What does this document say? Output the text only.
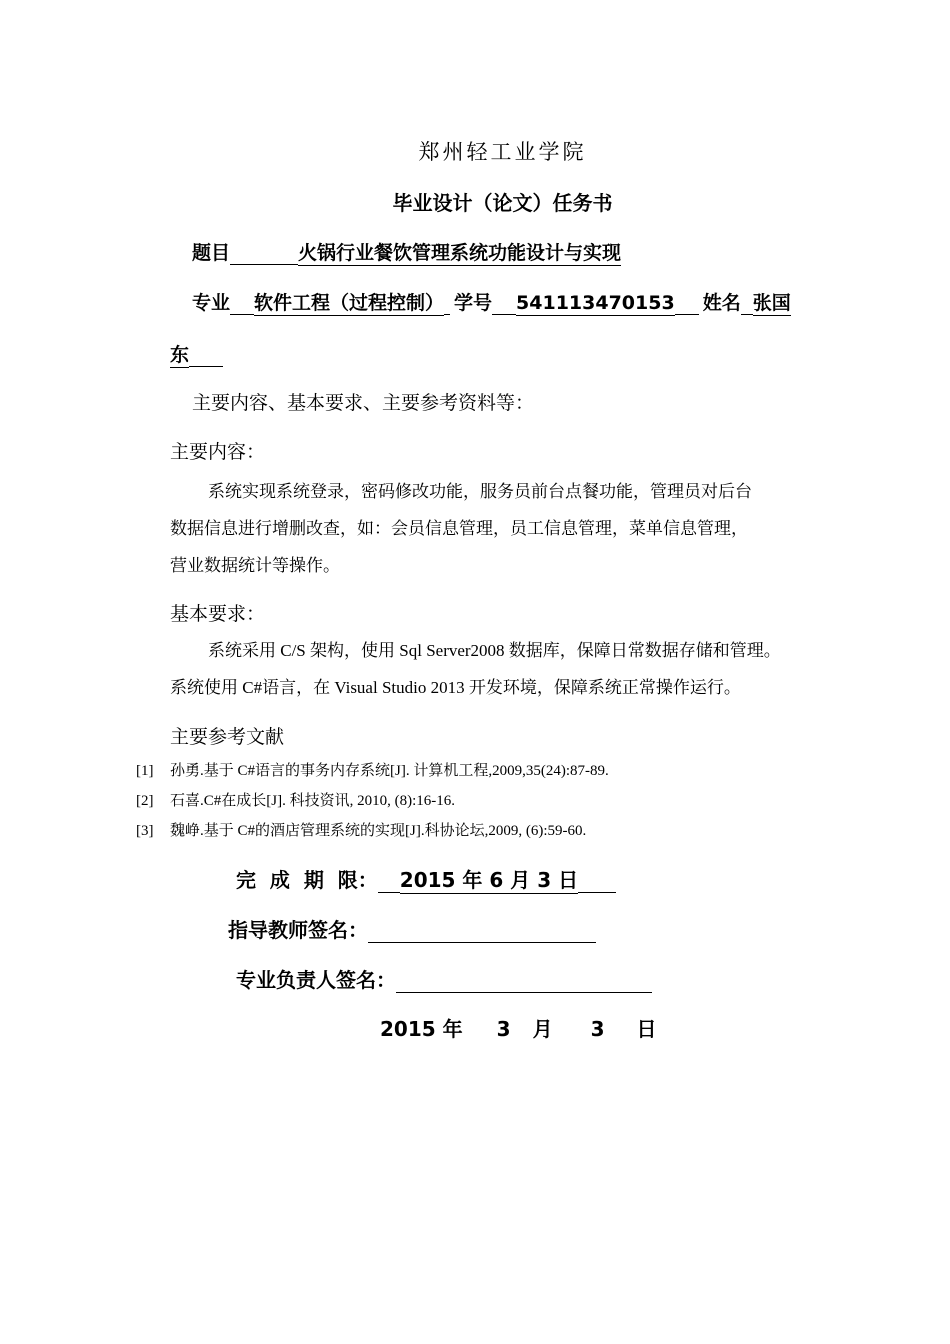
郑州轻工业学院
毕业设计（论文）任务书
题目	火锅行业餐饮管理系统功能设计与实现
专业 软件工程（过程控制） 学号 541113470153 姓名 张国
东
主要内容、基本要求、主要参考资料等：
主要内容：
系统实现系统登录，密码修改功能，服务员前台点餐功能，管理员对后台
数据信息进行增删改查，如：会员信息管理，员工信息管理，菜单信息管理，
营业数据统计等操作。
基本要求：
系统采用 C/S 架构，使用 Sql Server2008 数据库，保障日常数据存储和管理。
系统使用 C#语言，在 Visual Studio 2013 开发环境，保障系统正常操作运行。
主要参考文献
[1] 孙勇.基于 C#语言的事务内存系统[J]. 计算机工程,2009,35(24):87-89.
[2] 石喜.C#在成长[J]. 科技资讯, 2010, (8):16-16.
[3] 魏峥.基于 C#的酒店管理系统的实现[J].科协论坛,2009, (6):59-60.
完  成  期  限： 2015 年 6 月 3 日
指导教师签名：
专业负责人签名：
2015 年 3 月 3 日
